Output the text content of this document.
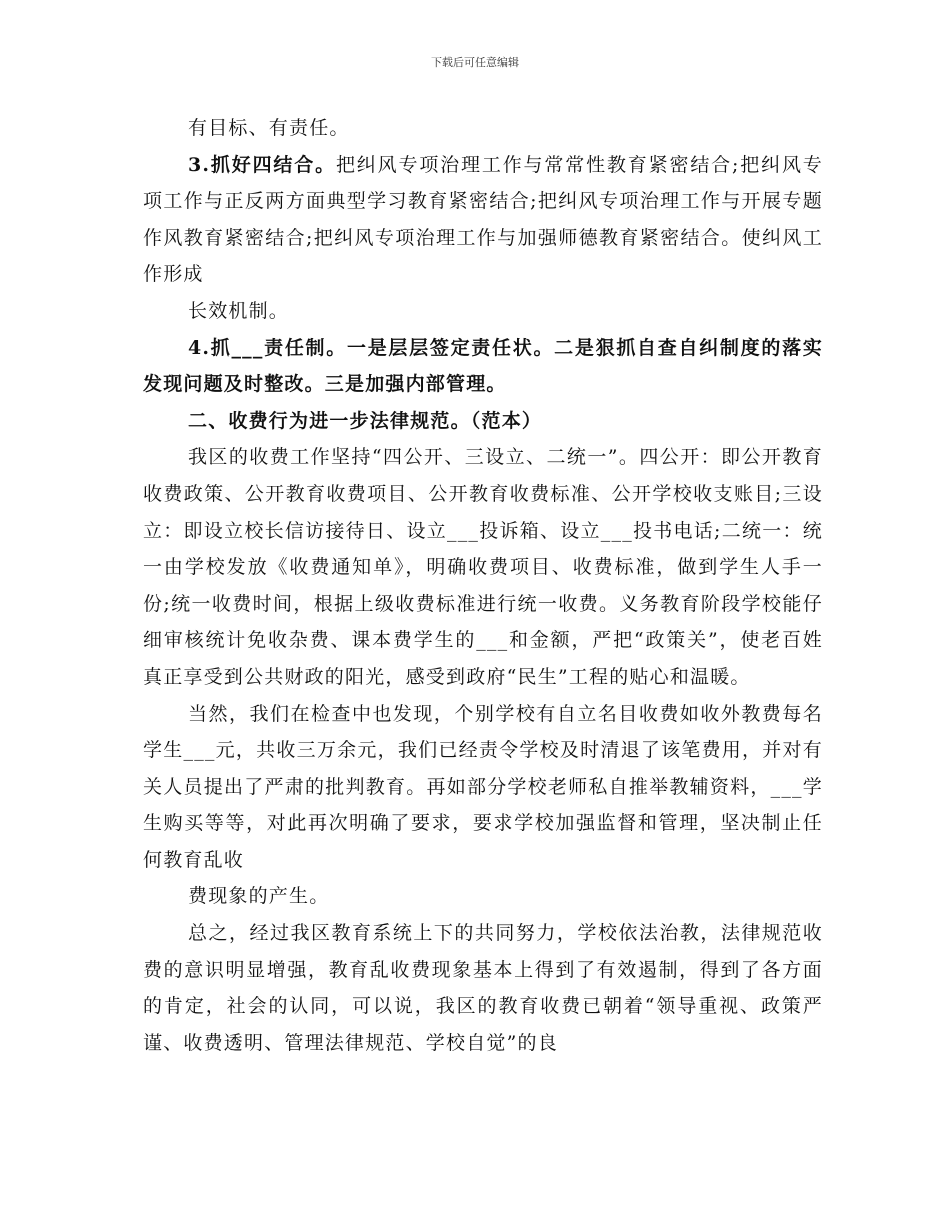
下载后可任意编辑

有目标、有责任。

3.抓好四结合。把纠风专项治理工作与常常性教育紧密结合;把纠风专项工作与正反两方面典型学习教育紧密结合;把纠风专项治理工作与开展专题作风教育紧密结合;把纠风专项治理工作与加强师德教育紧密结合。使纠风工作形成

长效机制。

4.抓___责任制。一是层层签定责任状。二是狠抓自查自纠制度的落实发现问题及时整改。三是加强内部管理。

二、收费行为进一步法律规范。（范本）

我区的收费工作坚持“四公开、三设立、二统一”。四公开：即公开教育收费政策、公开教育收费项目、公开教育收费标准、公开学校收支账目;三设立：即设立校长信访接待日、设立___投诉箱、设立___投书电话;二统一：统一由学校发放《收费通知单》，明确收费项目、收费标准，做到学生人手一份;统一收费时间，根据上级收费标准进行统一收费。义务教育阶段学校能仔细审核统计免收杂费、课本费学生的___和金额，严把“政策关”，使老百姓真正享受到公共财政的阳光，感受到政府“民生”工程的贴心和温暖。

当然，我们在检查中也发现，个别学校有自立名目收费如收外教费每名学生___元，共收三万余元，我们已经责令学校及时清退了该笔费用，并对有关人员提出了严肃的批判教育。再如部分学校老师私自推举教辅资料，___学生购买等等，对此再次明确了要求，要求学校加强监督和管理，坚决制止任何教育乱收

费现象的产生。

总之，经过我区教育系统上下的共同努力，学校依法治教，法律规范收费的意识明显增强，教育乱收费现象基本上得到了有效遏制，得到了各方面的肯定，社会的认同，可以说，我区的教育收费已朝着“领导重视、政策严谨、收费透明、管理法律规范、学校自觉”的良
